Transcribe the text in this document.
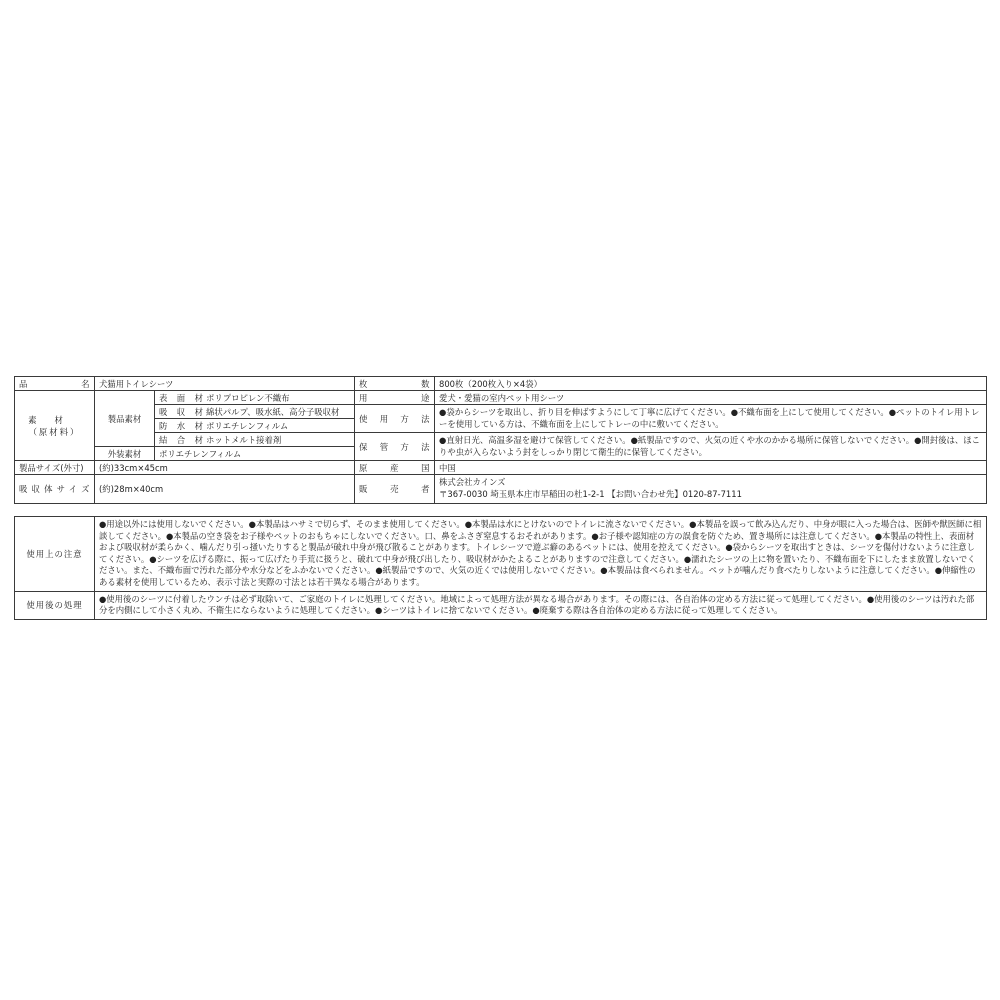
品名	犬猫用トイレシーツ		枚数	800枚（200枚入り×4袋）

素材
（原材料）	製品素材	表面材 ポリプロピレン不織布	用途	愛犬・愛猫の室内ペット用シーツ

		吸収材 綿状パルプ、吸水紙、高分子吸収材	使用方法	●袋からシーツを取出し、折り目を伸ばすようにして丁寧に広げてください。●不織布面を上にして使用してください。●ペットのトイレ用トレーを使用している方は、不織布面を上にしてトレーの中に敷いてください。

		防水材 ポリエチレンフィルム		

		結合材 ホットメルト接着剤	保管方法	●直射日光、高温多湿を避けて保管してください。●紙製品ですので、火気の近くや水のかかる場所に保管しないでください。●開封後は、ほこりや虫が入らないよう封をしっかり閉じて衛生的に保管してください。
	外装素材	ポリエチレンフィルム		
製品サイズ(外寸)	(約)33cm×45cm		原産国	中国
吸収体サイズ	(約)28m×40cm		販売者	株式会社カインズ
〒367-0030 埼玉県本庄市早稲田の杜1-2-1 【お問い合わせ先】0120-87-7111
使用上の注意	●用途以外には使用しないでください。●本製品はハサミで切らず、そのまま使用してください。●本製品は水にとけないのでトイレに流さないでください。●本製品を誤って飲み込んだり、中身が眼に入った場合は、医師や獣医師に相談してください。●本製品の空き袋をお子様やペットのおもちゃにしないでください。口、鼻をふさぎ窒息するおそれがあります。●お子様や認知症の方の誤食を防ぐため、置き場所には注意してください。●本製品の特性上、表面材および吸収材が柔らかく、噛んだり引っ掻いたりすると製品が破れ中身が飛び散ることがあります。トイレシーツで遊ぶ癖のあるペットには、使用を控えてください。●袋からシーツを取出すときは、シーツを傷付けないように注意してください。●シーツを広げる際に、振って広げたり手荒に扱うと、破れて中身が飛び出したり、吸収材がかたよることがありますので注意してください。●濡れたシーツの上に物を置いたり、不織布面を下にしたまま放置しないでください。また、不織布面で汚れた部分や水分などをふかないでください。●紙製品ですので、火気の近くでは使用しないでください。●本製品は食べられません。ペットが噛んだり食べたりしないように注意してください。●伸縮性のある素材を使用しているため、表示寸法と実際の寸法とは若干異なる場合があります。
使用後の処理	●使用後のシーツに付着したウンチは必ず取除いて、ご家庭のトイレに処理してください。地域によって処理方法が異なる場合があります。その際には、各自治体の定める方法に従って処理してください。●使用後のシーツは汚れた部分を内側にして小さく丸め、不衛生にならないように処理してください。●シーツはトイレに捨てないでください。●廃棄する際は各自治体の定める方法に従って処理してください。
